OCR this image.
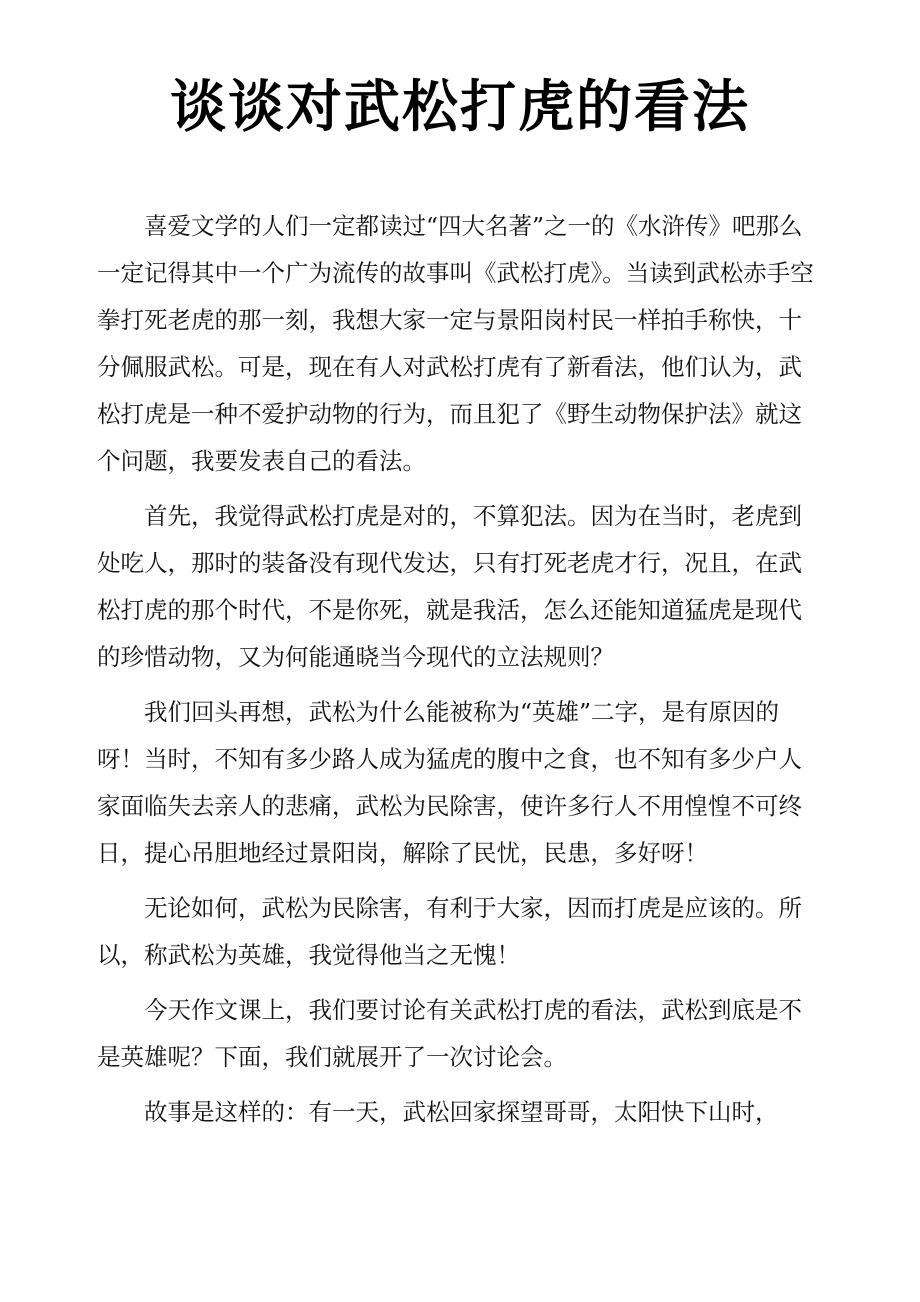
谈谈对武松打虎的看法

喜爱文学的人们一定都读过“四大名著”之一的《水浒传》吧那么一定记得其中一个广为流传的故事叫《武松打虎》。当读到武松赤手空拳打死老虎的那一刻，我想大家一定与景阳岗村民一样拍手称快，十分佩服武松。可是，现在有人对武松打虎有了新看法，他们认为，武松打虎是一种不爱护动物的行为，而且犯了《野生动物保护法》就这个问题，我要发表自己的看法。

首先，我觉得武松打虎是对的，不算犯法。因为在当时，老虎到处吃人，那时的装备没有现代发达，只有打死老虎才行，况且，在武松打虎的那个时代，不是你死，就是我活，怎么还能知道猛虎是现代的珍惜动物，又为何能通晓当今现代的立法规则？

我们回头再想，武松为什么能被称为“英雄”二字，是有原因的呀！当时，不知有多少路人成为猛虎的腹中之食，也不知有多少户人家面临失去亲人的悲痛，武松为民除害，使许多行人不用惶惶不可终日，提心吊胆地经过景阳岗，解除了民忧，民患，多好呀！

无论如何，武松为民除害，有利于大家，因而打虎是应该的。所以，称武松为英雄，我觉得他当之无愧！

今天作文课上，我们要讨论有关武松打虎的看法，武松到底是不是英雄呢？下面，我们就展开了一次讨论会。

故事是这样的：有一天，武松回家探望哥哥，太阳快下山时，
